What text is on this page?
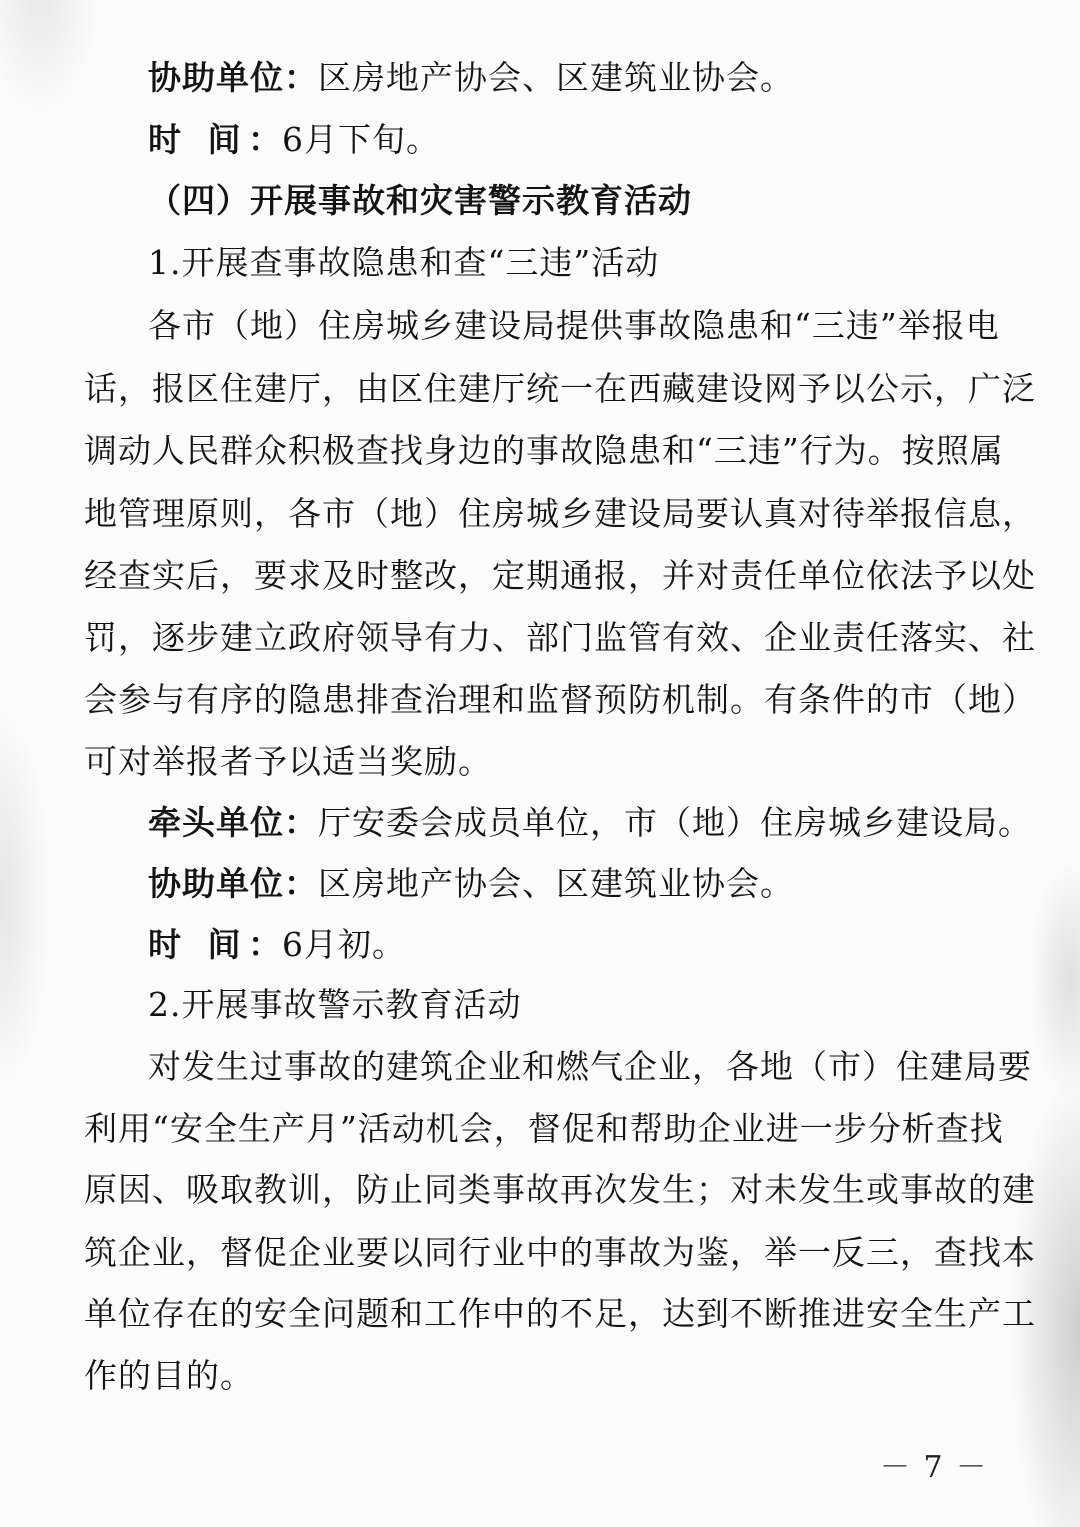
协助单位：区房地产协会、区建筑业协会。
时 间：6月下旬。
（四）开展事故和灾害警示教育活动
1.开展查事故隐患和查“三违”活动
各市（地）住房城乡建设局提供事故隐患和“三违”举报电
话，报区住建厅，由区住建厅统一在西藏建设网予以公示，广泛
调动人民群众积极查找身边的事故隐患和“三违”行为。按照属
地管理原则，各市（地）住房城乡建设局要认真对待举报信息，
经查实后，要求及时整改，定期通报，并对责任单位依法予以处
罚，逐步建立政府领导有力、部门监管有效、企业责任落实、社
会参与有序的隐患排查治理和监督预防机制。有条件的市（地）
可对举报者予以适当奖励。
牵头单位：厅安委会成员单位，市（地）住房城乡建设局。
协助单位：区房地产协会、区建筑业协会。
时 间：6月初。
2.开展事故警示教育活动
对发生过事故的建筑企业和燃气企业，各地（市）住建局要
利用“安全生产月”活动机会，督促和帮助企业进一步分析查找
原因、吸取教训，防止同类事故再次发生；对未发生或事故的建
筑企业，督促企业要以同行业中的事故为鉴，举一反三，查找本
单位存在的安全问题和工作中的不足，达到不断推进安全生产工
作的目的。
－ 7 －
